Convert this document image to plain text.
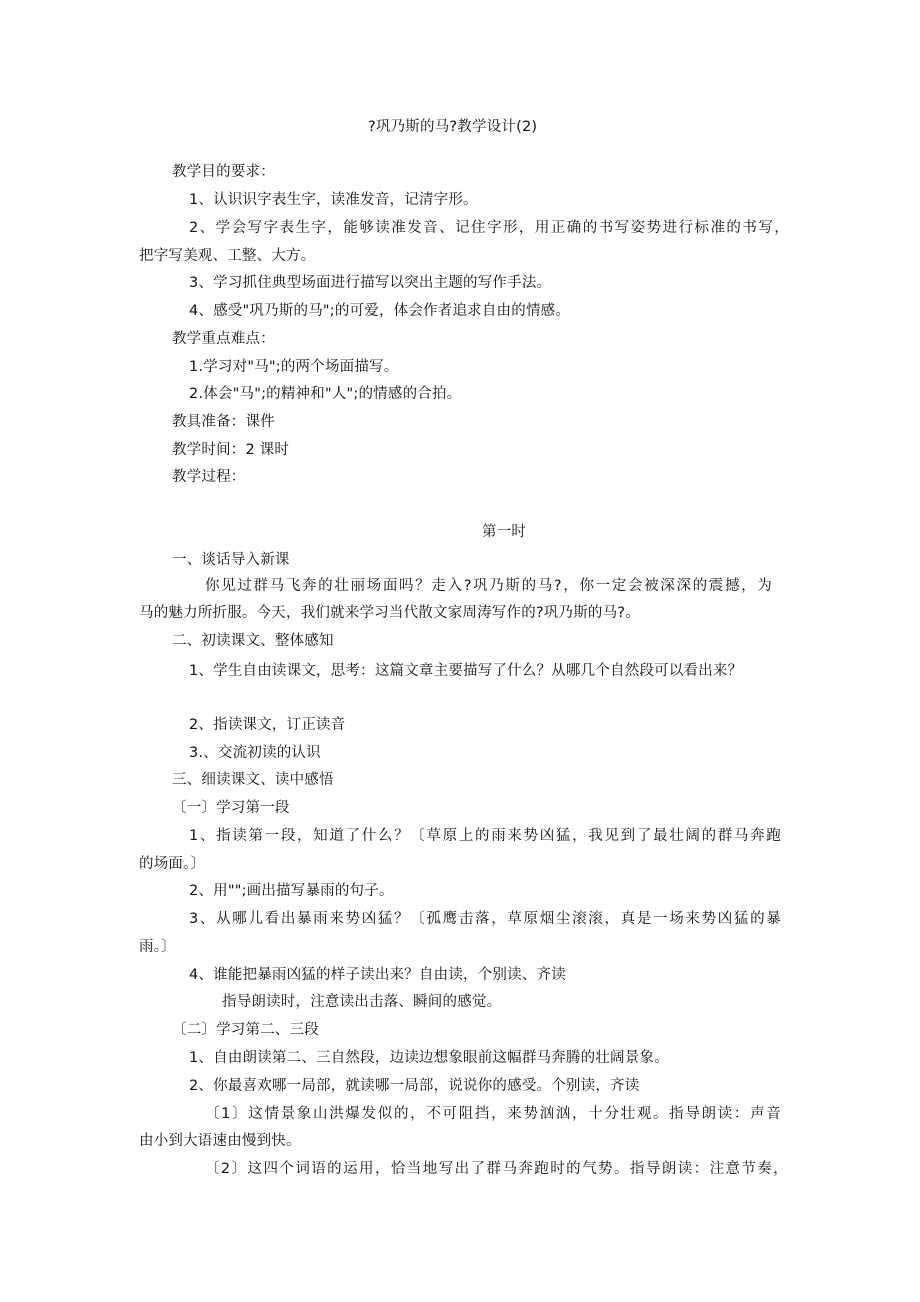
?巩乃斯的马?教学设计(2)
教学目的要求：
1、认识识字表生字，读准发音，记清字形。
2、学会写字表生字，能够读准发音、记住字形，用正确的书写姿势进行标准的书写，
把字写美观、工整、大方。
3、学习抓住典型场面进行描写以突出主题的写作手法。
4、感受"巩乃斯的马";的可爱，体会作者追求自由的情感。
教学重点难点：
1.学习对"马";的两个场面描写。
2.体会"马";的精神和"人";的情感的合拍。
教具准备：课件
教学时间：2 课时
教学过程：
第一时
一、谈话导入新课
你见过群马飞奔的壮丽场面吗？走入?巩乃斯的马?，你一定会被深深的震撼，为
马的魅力所折服。今天，我们就来学习当代散文家周涛写作的?巩乃斯的马?。
二、初读课文、整体感知
1、学生自由读课文，思考：这篇文章主要描写了什么？从哪几个自然段可以看出来？
2、指读课文，订正读音
3.、交流初读的认识
三、细读课文、读中感悟
〔一〕学习第一段
1、指读第一段，知道了什么？〔草原上的雨来势凶猛，我见到了最壮阔的群马奔跑
的场面。〕
2、用"";画出描写暴雨的句子。
3、从哪儿看出暴雨来势凶猛？〔孤鹰击落，草原烟尘滚滚，真是一场来势凶猛的暴
雨。〕
4、谁能把暴雨凶猛的样子读出来？自由读，个别读、齐读
指导朗读时，注意读出击落、瞬间的感觉。
〔二〕学习第二、三段
1、自由朗读第二、三自然段，边读边想象眼前这幅群马奔腾的壮阔景象。
2、你最喜欢哪一局部，就读哪一局部，说说你的感受。个别读，齐读
〔1〕这情景象山洪爆发似的，不可阻挡，来势汹汹，十分壮观。指导朗读：声音
由小到大语速由慢到快。
〔2〕这四个词语的运用，恰当地写出了群马奔跑时的气势。指导朗读：注意节奏，
